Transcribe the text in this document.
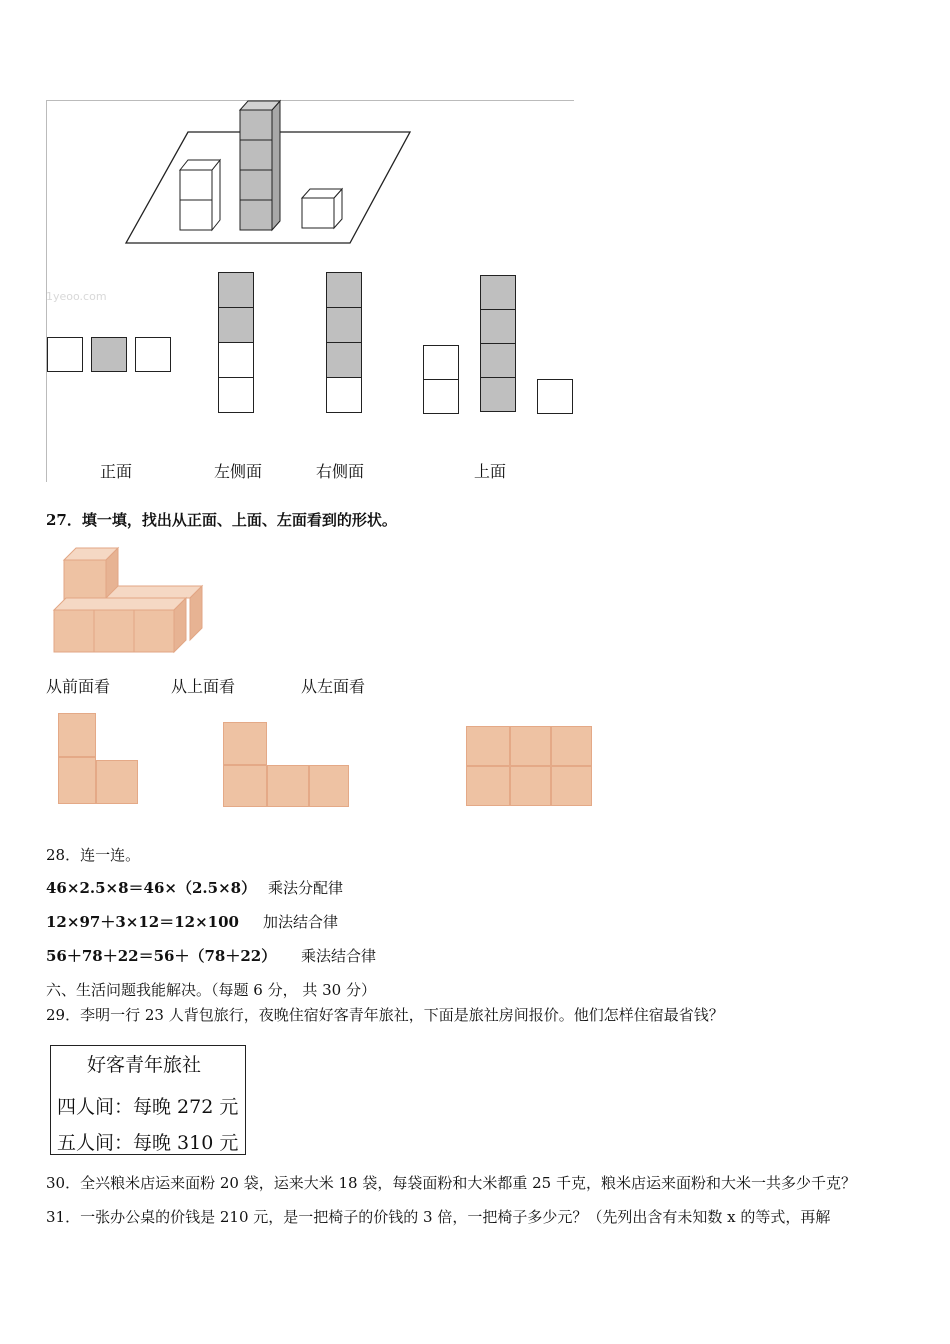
1yeoo.com
正面	左侧面	右侧面	上面
27．填一填，找出从正面、上面、左面看到的形状。
从前面看	从上面看	从左面看
28．连一连。
46×2.5×8＝46×（2.5×8） 乘法分配律
12×97＋3×12＝12×100 加法结合律
56＋78＋22＝56＋（78＋22） 乘法结合律
六、生活问题我能解决。（每题 6 分， 共 30 分）
29．李明一行 23 人背包旅行，夜晚住宿好客青年旅社，下面是旅社房间报价。他们怎样住宿最省钱？
好客青年旅社
四人间：每晚 272 元
五人间：每晚 310 元
30．全兴粮米店运来面粉 20 袋，运来大米 18 袋，每袋面粉和大米都重 25 千克，粮米店运来面粉和大米一共多少千克？
31．一张办公桌的价钱是 210 元，是一把椅子的价钱的 3 倍，一把椅子多少元？（先列出含有未知数 x 的等式，再解
